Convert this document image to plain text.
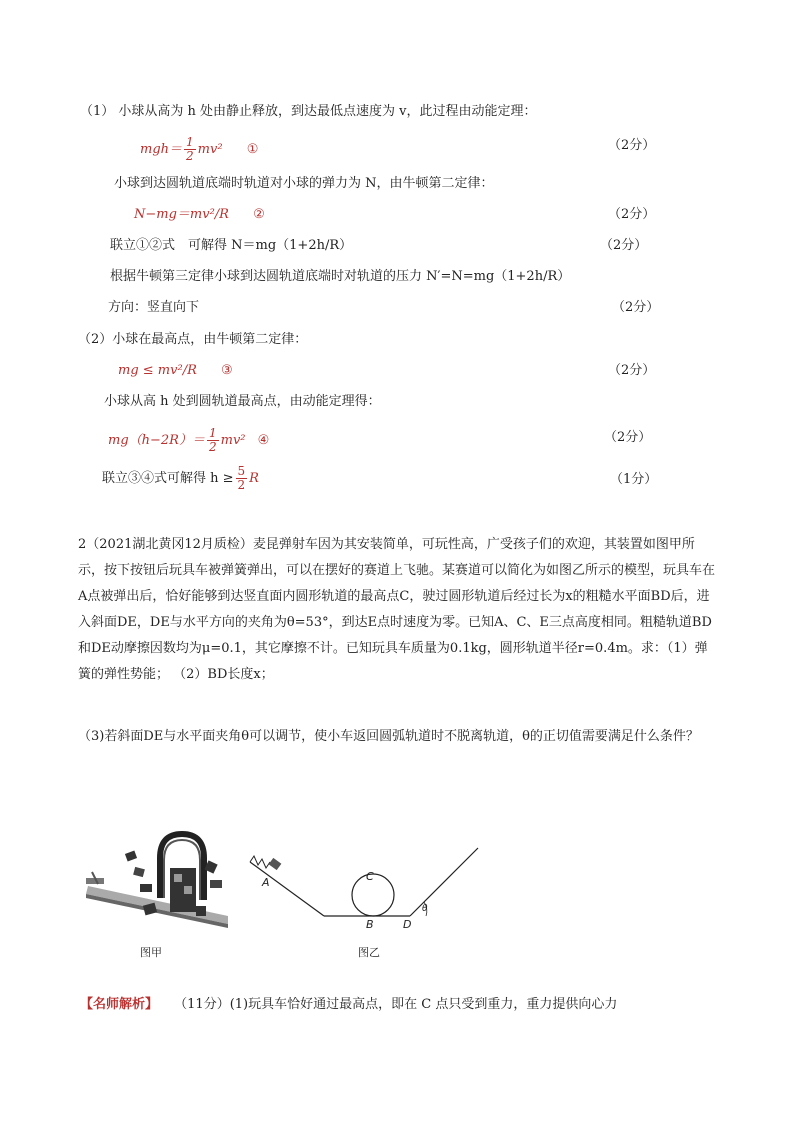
（1） 小球从高为 h 处由静止释放，到达最低点速度为 v，此过程由动能定理：
$mgh= \frac{1}{2} mv^2$ ①	（2分）
小球到达圆轨道底端时轨道对小球的弹力为 N，由牛顿第二定律：
N−mg＝mv²/R ②	（2分）
联立①②式　可解得 N＝mg（1+2h/R）	（2分）
根据牛顿第三定律小球到达圆轨道底端时对轨道的压力 N′=N=mg（1+2h/R）
方向：竖直向下	（2分）
（2）小球在最高点，由牛顿第二定律：
mg ≤ mv²/R ③	（2分）
小球从高 h 处到圆轨道最高点，由动能定理得：
$mg(h-2R)= \frac{1}{2} mv^2$ ④	（2分）
联立③④式可解得 $h \ge \frac{5}{2}$ R	（1分）
2（2021湖北黄冈12月质检）麦昆弹射车因为其安装简单，可玩性高，广受孩子们的欢迎，其装置如图甲所示，按下按钮后玩具车被弹簧弹出，可以在摆好的赛道上飞驰。某赛道可以简化为如图乙所示的模型，玩具车在A点被弹出后，恰好能够到达竖直面内圆形轨道的最高点C，驶过圆形轨道后经过长为x的粗糙水平面BD后，进入斜面DE，DE与水平方向的夹角为θ=53°，到达E点时速度为零。已知A、C、E三点高度相同。粗糙轨道BD和DE动摩擦因数均为μ=0.1，其它摩擦不计。已知玩具车质量为0.1kg，圆形轨道半径r=0.4m。求：（1）弹簧的弹性势能； （2）BD长度x；
（3)若斜面DE与水平面夹角θ可以调节，使小车返回圆弧轨道时不脱离轨道，θ的正切值需要满足什么条件？
图甲
A	C
B	D
θ
图乙
【名师解析】 （11分）(1)玩具车恰好通过最高点，即在 C 点只受到重力，重力提供向心力
